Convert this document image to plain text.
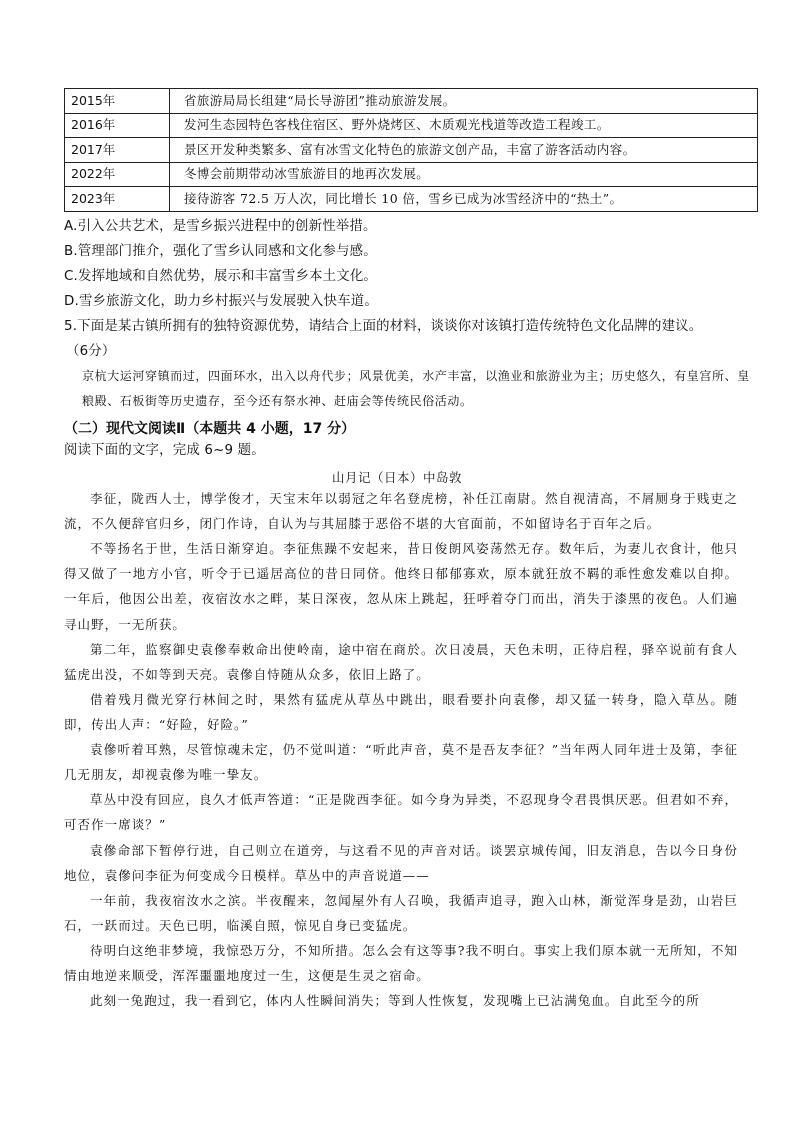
2015年	省旅游局局长组建“局长导游团”推动旅游发展。
2016年	发河生态园特色客栈住宿区、野外烧烤区、木质观光栈道等改造工程竣工。
2017年	景区开发种类繁多、富有冰雪文化特色的旅游文创产品，丰富了游客活动内容。
2022年	冬博会前期带动冰雪旅游目的地再次发展。
2023年	接待游客 72.5 万人次，同比增长 10 倍，雪乡已成为冰雪经济中的“热土”。
A.引入公共艺术，是雪乡振兴进程中的创新性举措。
B.管理部门推介，强化了雪乡认同感和文化参与感。
C.发挥地域和自然优势，展示和丰富雪乡本土文化。
D.雪乡旅游文化，助力乡村振兴与发展驶入快车道。
5.下面是某古镇所拥有的独特资源优势，请结合上面的材料，谈谈你对该镇打造传统特色文化品牌的建议。
（6分）
京杭大运河穿镇而过，四面环水，出入以舟代步；风景优美，水产丰富，以渔业和旅游业为主；历史悠久，有皇宫所、皇粮殿、石板街等历史遗存，至今还有祭水神、赶庙会等传统民俗活动。
（二）现代文阅读Ⅱ（本题共 4 小题，17 分）
阅读下面的文字，完成 6~9 题。
山月记（日本）中岛敦
李征，陇西人士，博学俊才，天宝末年以弱冠之年名登虎榜，补任江南尉。然自视清高，不屑厕身于贱吏之流，不久便辞官归乡，闭门作诗，自认为与其屈膝于恶俗不堪的大官面前，不如留诗名于百年之后。
不等扬名于世，生活日渐穿迫。李征焦躁不安起来，昔日俊朗风姿荡然无存。数年后，为妻儿衣食计，他只得又做了一地方小官，听令于已遥居高位的昔日同侪。他终日郁郁寡欢，原本就狂放不羁的乖性愈发难以自抑。一年后，他因公出差，夜宿汝水之畔，某日深夜，忽从床上跳起，狂呼着夺门而出，消失于漆黑的夜色。人们遍寻山野，一无所获。
第二年，监察御史袁傪奉敕命出使岭南，途中宿在商於。次日凌晨，天色未明，正待启程，驿卒说前有食人猛虎出没，不如等到天亮。袁傪自恃随从众多，依旧上路了。
借着残月微光穿行林间之时，果然有猛虎从草丛中跳出，眼看要扑向袁傪，却又猛一转身，隐入草丛。随即，传出人声：“好险，好险。”
袁傪听着耳熟，尽管惊魂未定，仍不觉叫道：“听此声音，莫不是吾友李征？”当年两人同年进士及第，李征几无朋友，却视袁傪为唯一挚友。
草丛中没有回应，良久才低声答道：“正是陇西李征。如今身为异类，不忍现身令君畏惧厌恶。但君如不弃，可否作一席谈？”
袁傪命部下暂停行进，自己则立在道旁，与这看不见的声音对话。谈罢京城传闻，旧友消息，告以今日身份地位，袁傪问李征为何变成今日模样。草丛中的声音说道——
一年前，我夜宿汝水之滨。半夜醒来，忽闻屋外有人召唤，我循声追寻，跑入山林，渐觉浑身是劲，山岩巨石，一跃而过。天色已明，临溪自照，惊见自身已变猛虎。
待明白这绝非梦境，我惊恐万分，不知所措。怎么会有这等事?我不明白。事实上我们原本就一无所知，不知情由地逆来顺受，浑浑噩噩地度过一生，这便是生灵之宿命。
此刻一兔跑过，我一看到它，体内人性瞬间消失；等到人性恢复，发现嘴上已沾满兔血。自此至今的所
